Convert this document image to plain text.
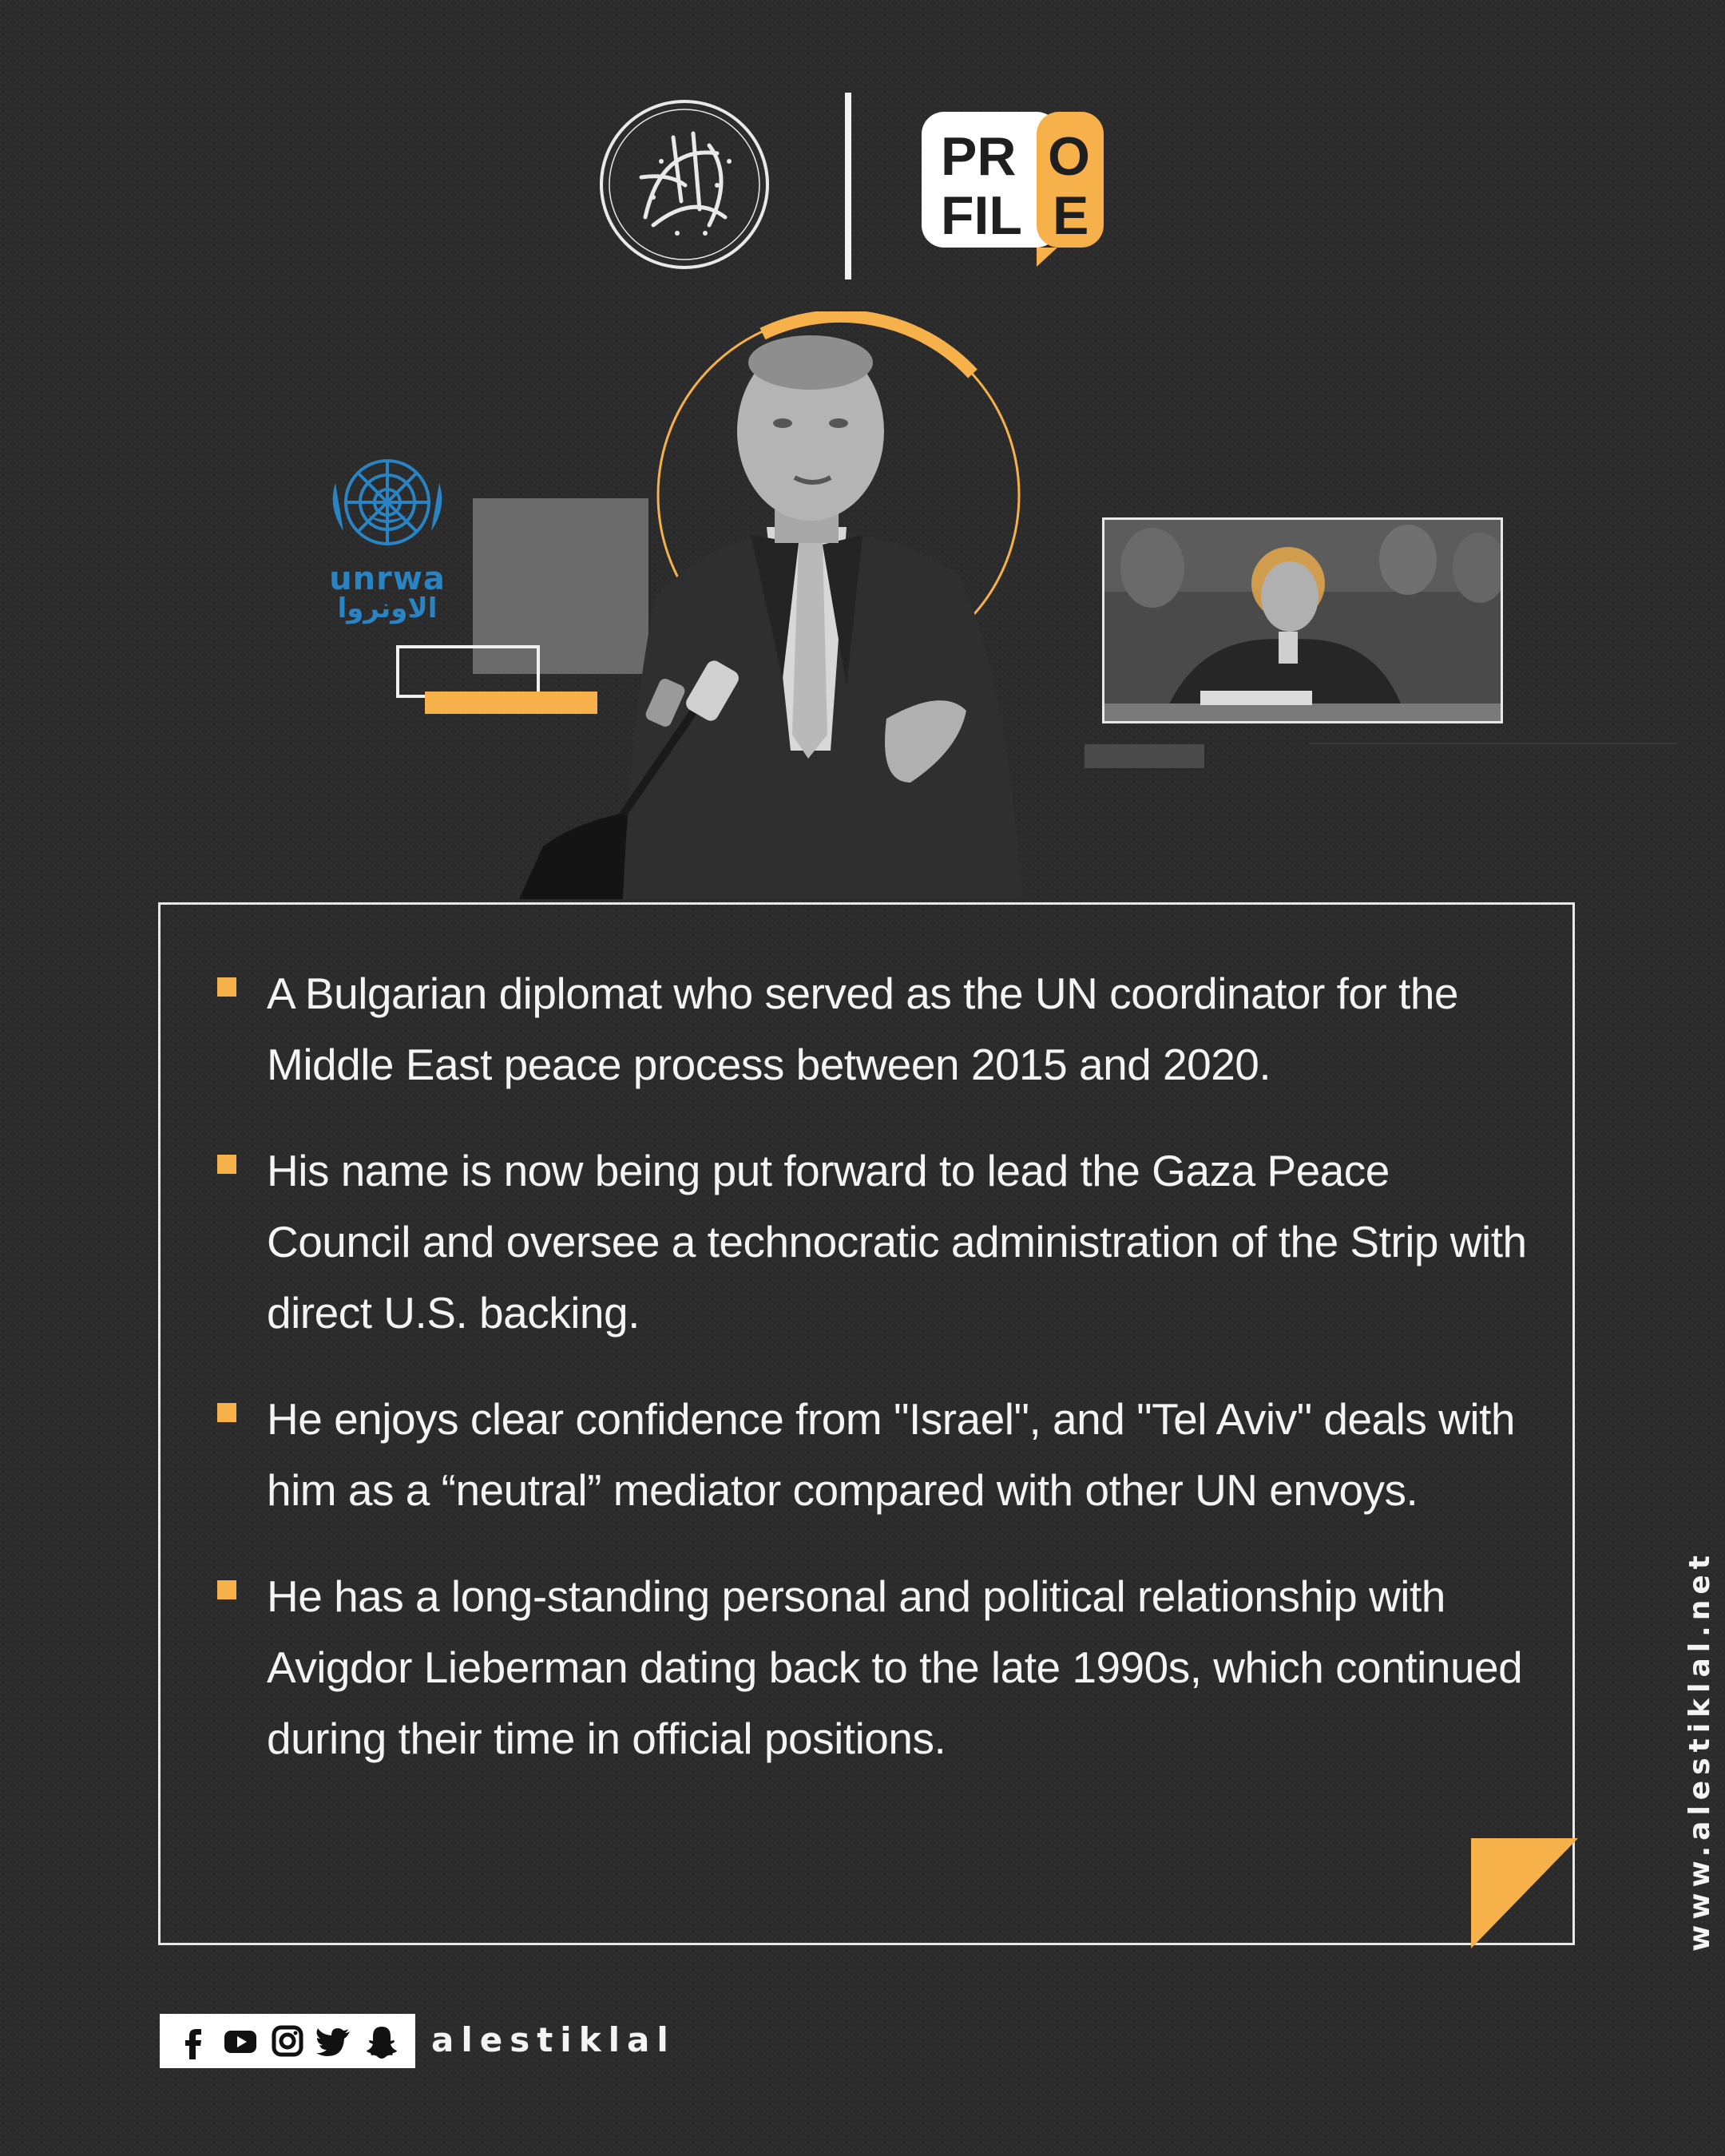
PR O
FIL E
unrwa
الاونروا
A Bulgarian diplomat who served as the UN coordinator for the Middle East peace process between 2015 and 2020.
His name is now being put forward to lead the Gaza Peace Council and oversee a technocratic administration of the Strip with direct U.S. backing.
He enjoys clear confidence from "Israel", and "Tel Aviv" deals with him as a “neutral” mediator compared with other UN envoys.
He has a long-standing personal and political relationship with Avigdor Lieberman dating back to the late 1990s, which continued during their time in official positions.	www.alestiklal.net
alestiklal
